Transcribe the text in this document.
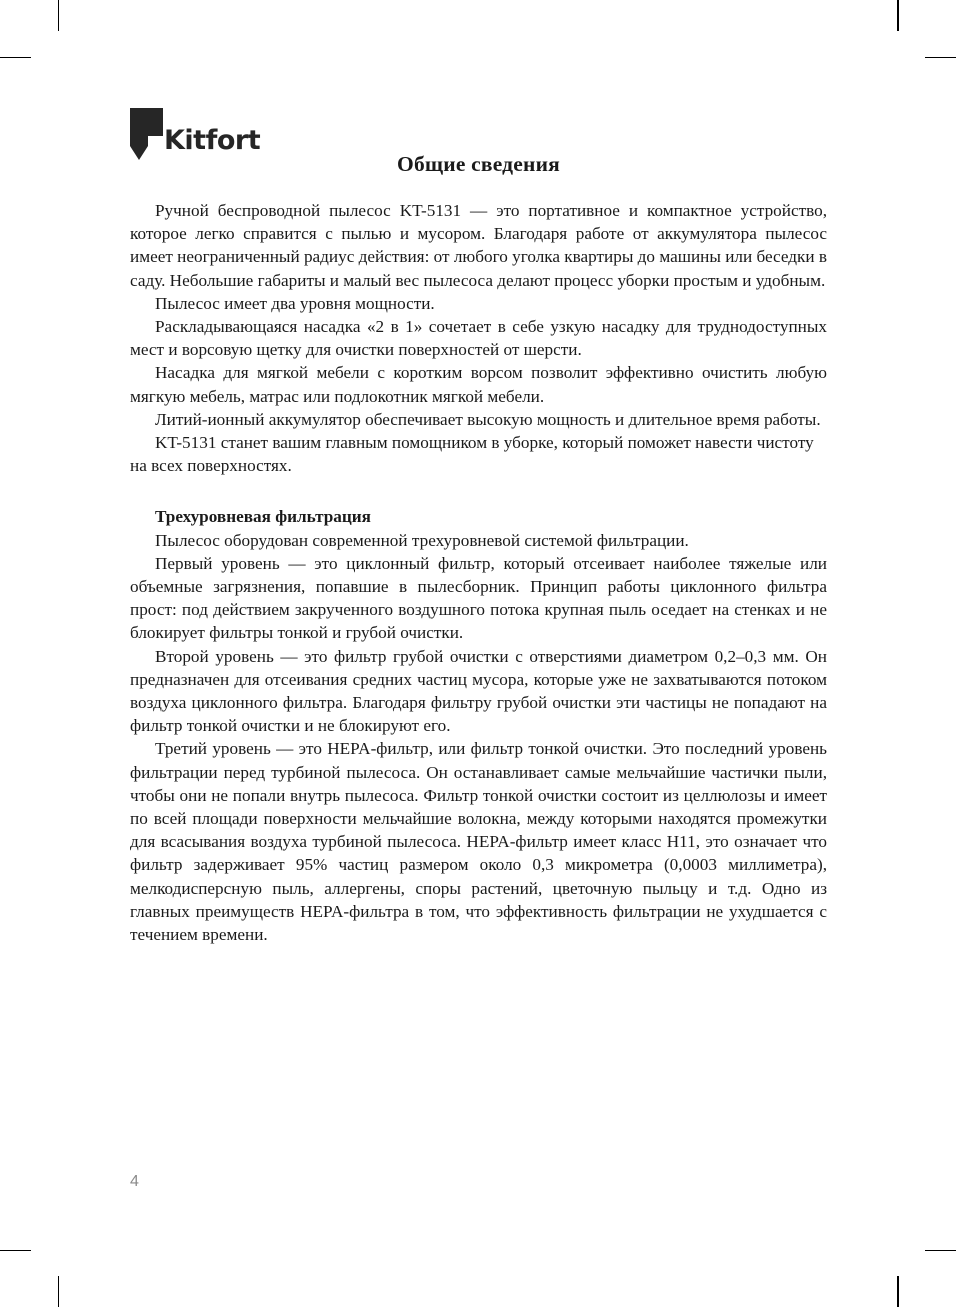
Kitfort
Общие сведения

Ручной беспроводной пылесос KT-5131 — это портативное и компактное устройство, которое легко справится с пылью и мусором. Благодаря работе от аккумулятора пылесос имеет неограниченный радиус действия: от любого уголка квартиры до машины или беседки в саду. Небольшие габариты и малый вес пылесоса делают процесс уборки простым и удобным.

Пылесос имеет два уровня мощности.

Раскладывающаяся насадка «2 в 1» сочетает в себе узкую насадку для труднодоступных мест и ворсовую щетку для очистки поверхностей от шерсти.

Насадка для мягкой мебели с коротким ворсом позволит эффективно очистить любую мягкую мебель, матрас или подлокотник мягкой мебели.

Литий-ионный аккумулятор обеспечивает высокую мощность и длительное время работы.

KT-5131 станет вашим главным помощником в уборке, который поможет навести чистоту на всех поверхностях.

Трехуровневая фильтрация

Пылесос оборудован современной трехуровневой системой фильтрации.

Первый уровень — это циклонный фильтр, который отсеивает наиболее тяжелые или объемные загрязнения, попавшие в пылесборник. Принцип работы циклонного фильтра прост: под действием закрученного воздушного потока крупная пыль оседает на стенках и не блокирует фильтры тонкой и грубой очистки.

Второй уровень — это фильтр грубой очистки с отверстиями диаметром 0,2–0,3 мм. Он предназначен для отсеивания средних частиц мусора, которые уже не захватываются потоком воздуха циклонного фильтра. Благодаря фильтру грубой очистки эти частицы не попадают на фильтр тонкой очистки и не блокируют его.

Третий уровень — это HEPA-фильтр, или фильтр тонкой очистки. Это последний уровень фильтрации перед турбиной пылесоса. Он останавливает самые мельчайшие частички пыли, чтобы они не попали внутрь пылесоса. Фильтр тонкой очистки состоит из целлюлозы и имеет по всей площади поверхности мельчайшие волокна, между которыми находятся промежутки для всасывания воздуха турбиной пылесоса. HEPA-фильтр имеет класс H11, это означает что фильтр задерживает 95% частиц размером около 0,3 микрометра (0,0003 миллиметра), мелкодисперсную пыль, аллергены, споры растений, цветочную пыльцу и т.д. Одно из главных преимуществ HEPA-фильтра в том, что эффективность фильтрации не ухудшается с течением времени.

4
